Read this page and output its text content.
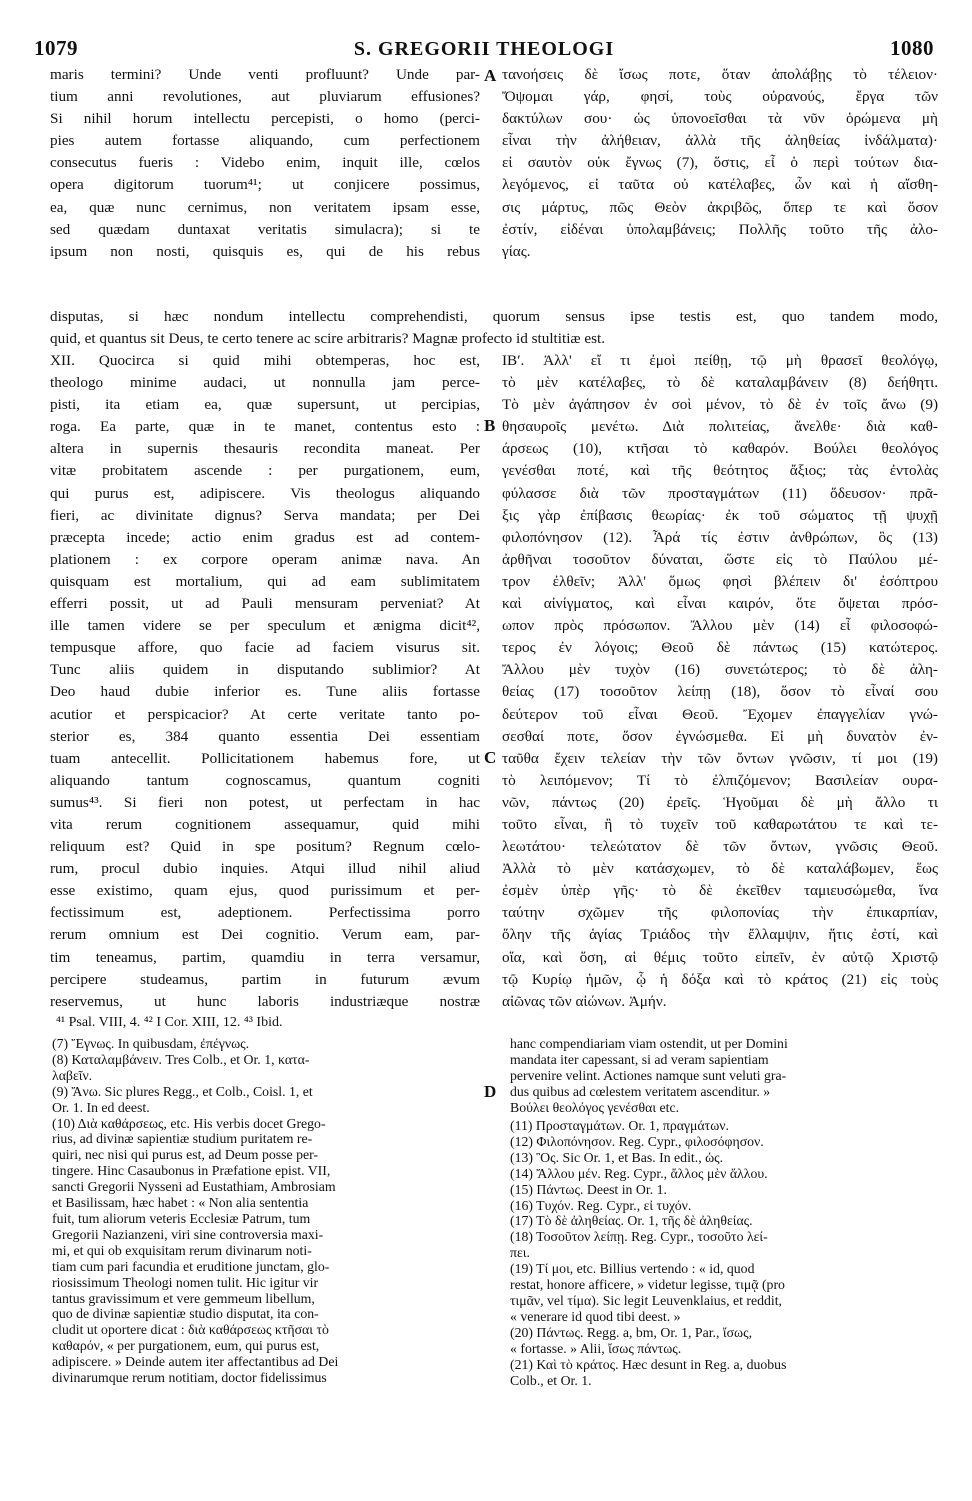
1079	S. GREGORII THEOLOGI	1080
A
B
C
D
maris termini? Unde venti profluunt? Unde par-
tium anni revolutiones, aut pluviarum effusiones?
Si nihil horum intellectu percepisti, o homo (perci-
pies autem fortasse aliquando, cum perfectionem
consecutus fueris : Videbo enim, inquit ille, cœlos
opera digitorum tuorum⁴¹; ut conjicere possimus,
ea, quæ nunc cernimus, non veritatem ipsam esse,
sed quædam duntaxat veritatis simulacra); si te
ipsum non nosti, quisquis es, qui de his rebus
τανοήσεις δὲ ἴσως ποτε, ὅταν ἀπολάβῃς τὸ τέλειον·
Ὄψομαι γάρ, φησί, τοὺς οὐρανούς, ἔργα τῶν
δακτύλων σου· ὡς ὑπονοεῖσθαι τὰ νῦν ὁρώμενα μὴ
εἶναι τὴν ἀλήθειαν, ἀλλὰ τῆς ἀληθείας ἰνδάλματα)·
εἰ σαυτὸν οὐκ ἔγνως (7), ὅστις, εἶ ὁ περὶ τούτων δια-
λεγόμενος, εἰ ταῦτα οὐ κατέλαβες, ὧν καὶ ἡ αἴσθη-
σις μάρτυς, πῶς Θεὸν ἀκριβῶς, ὅπερ τε καὶ ὅσον
ἐστίν, εἰδέναι ὑπολαμβάνεις; Πολλῆς τοῦτο τῆς ἀλο-
γίας.
disputas, si hæc nondum intellectu comprehendisti, quorum sensus ipse testis est, quo tandem modo,
quid, et quantus sit Deus, te certo tenere ac scire arbitraris? Magnæ profecto id stultitiæ est.
XII. Quocirca si quid mihi obtemperas, hoc est,
theologo minime audaci, ut nonnulla jam perce-
pisti, ita etiam ea, quæ supersunt, ut percipias,
roga. Ea parte, quæ in te manet, contentus esto :
altera in supernis thesauris recondita maneat. Per
vitæ probitatem ascende : per purgationem, eum,
qui purus est, adipiscere. Vis theologus aliquando
fieri, ac divinitate dignus? Serva mandata; per Dei
præcepta incede; actio enim gradus est ad contem-
plationem : ex corpore operam animæ nava. An
quisquam est mortalium, qui ad eam sublimitatem
efferri possit, ut ad Pauli mensuram perveniat? At
ille tamen videre se per speculum et ænigma dicit⁴²,
tempusque affore, quo facie ad faciem visurus sit.
Tunc aliis quidem in disputando sublimior? At
Deo haud dubie inferior es. Tune aliis fortasse
acutior et perspicacior? At certe veritate tanto po-
sterior es, 384 quanto essentia Dei essentiam
tuam antecellit. Pollicitationem habemus fore, ut
aliquando tantum cognoscamus, quantum cogniti
sumus⁴³. Si fieri non potest, ut perfectam in hac
vita rerum cognitionem assequamur, quid mihi
reliquum est? Quid in spe positum? Regnum cœlo-
rum, procul dubio inquies. Atqui illud nihil aliud
esse existimo, quam ejus, quod purissimum et per-
fectissimum est, adeptionem. Perfectissima porro
rerum omnium est Dei cognitio. Verum eam, par-
tim teneamus, partim, quamdiu in terra versamur,
percipere studeamus, partim in futurum ævum
reservemus, ut hunc laboris industriæque nostræ
ΙΒʹ. Ἀλλ' εἴ τι ἐμοὶ πείθῃ, τῷ μὴ θρασεῖ θεολόγῳ,
τὸ μὲν κατέλαβες, τὸ δὲ καταλαμβάνειν (8) δεήθητι.
Τὸ μὲν ἀγάπησον ἐν σοὶ μένον, τὸ δὲ ἐν τοῖς ἄνω (9)
θησαυροῖς μενέτω. Διὰ πολιτείας, ἄνελθε· διὰ καθ-
άρσεως (10), κτῆσαι τὸ καθαρόν. Βούλει θεολόγος
γενέσθαι ποτέ, καὶ τῆς θεότητος ἄξιος; τὰς ἐντολὰς
φύλασσε διὰ τῶν προσταγμάτων (11) ὅδευσον· πρᾶ-
ξις γὰρ ἐπίβασις θεωρίας· ἐκ τοῦ σώματος τῇ ψυχῇ
φιλοπόνησον (12). Ἆρά τίς ἐστιν ἀνθρώπων, ὃς (13)
ἀρθῆναι τοσοῦτον δύναται, ὥστε εἰς τὸ Παύλου μέ-
τρον ἐλθεῖν; Ἀλλ' ὅμως φησὶ βλέπειν δι' ἐσόπτρου
καὶ αἰνίγματος, καὶ εἶναι καιρόν, ὅτε ὄψεται πρόσ-
ωπον πρὸς πρόσωπον. Ἄλλου μὲν (14) εἶ φιλοσοφώ-
τερος ἐν λόγοις; Θεοῦ δὲ πάντως (15) κατώτερος.
Ἄλλου μὲν τυχὸν (16) συνετώτερος; τὸ δὲ ἀλη-
θείας (17) τοσοῦτον λείπῃ (18), ὅσον τὸ εἶναί σου
δεύτερον τοῦ εἶναι Θεοῦ. Ἔχομεν ἐπαγγελίαν γνώ-
σεσθαί ποτε, ὅσον ἐγνώσμεθα. Εἰ μὴ δυνατὸν ἐν-
ταῦθα ἔχειν τελείαν τὴν τῶν ὄντων γνῶσιν, τί μοι (19)
τὸ λειπόμενον; Τί τὸ ἐλπιζόμενον; Βασιλείαν ουρα-
νῶν, πάντως (20) ἐρεῖς. Ἡγοῦμαι δὲ μὴ ἄλλο τι
τοῦτο εἶναι, ἢ τὸ τυχεῖν τοῦ καθαρωτάτου τε καὶ τε-
λεωτάτου· τελεώτατον δὲ τῶν ὄντων, γνῶσις Θεοῦ.
Ἀλλὰ τὸ μὲν κατάσχωμεν, τὸ δὲ καταλάβωμεν, ἕως
ἐσμὲν ὑπὲρ γῆς· τὸ δὲ ἐκεῖθεν ταμιευσώμεθα, ἵνα
ταύτην σχῶμεν τῆς φιλοπονίας τὴν ἐπικαρπίαν,
ὅλην τῆς ἁγίας Τριάδος τὴν ἔλλαμψιν, ἥτις ἐστί, καὶ
οἵα, καὶ ὅση, αἱ θέμις τοῦτο εἰπεῖν, ἐν αὐτῷ Χριστῷ
τῷ Κυρίῳ ἡμῶν, ᾧ ἡ δόξα καὶ τὸ κράτος (21) εἰς τοὺς
αἰῶνας τῶν αἰώνων. Ἀμήν.
⁴¹ Psal. VIII, 4. ⁴² I Cor. XIII, 12. ⁴³ Ibid.
(7) Ἔγνως. In quibusdam, ἐπέγνως.
(8) Καταλαμβάνειν. Tres Colb., et Or. 1, κατα-
λαβεῖν.
(9) Ἄνω. Sic plures Regg., et Colb., Coisl. 1, et
Or. 1. In ed deest.
(10) Διὰ καθάρσεως, etc. His verbis docet Grego-
rius, ad divinæ sapientiæ studium puritatem re-
quiri, nec nisi qui purus est, ad Deum posse per-
tingere. Hinc Casaubonus in Præfatione epist. VII,
sancti Gregorii Nysseni ad Eustathiam, Ambrosiam
et Basilissam, hæc habet : « Non alia sententia
fuit, tum aliorum veteris Ecclesiæ Patrum, tum
Gregorii Nazianzeni, viri sine controversia maxi-
mi, et qui ob exquisitam rerum divinarum noti-
tiam cum pari facundia et eruditione junctam, glo-
riosissimum Theologi nomen tulit. Hic igitur vir
tantus gravissimum et vere gemmeum libellum,
quo de divinæ sapientiæ studio disputat, ita con-
cludit ut oportere dicat : διὰ καθάρσεως κτῆσαι τὸ
καθαρόν, « per purgationem, eum, qui purus est,
adipiscere. » Deinde autem iter affectantibus ad Dei
divinarumque rerum notitiam, doctor fidelissimus
hanc compendiariam viam ostendit, ut per Domini
mandata iter capessant, si ad veram sapientiam
pervenire velint. Actiones namque sunt veluti gra-
dus quibus ad cœlestem veritatem ascenditur. »
Βούλει θεολόγος γενέσθαι etc.
(11) Προσταγμάτων. Or. 1, πραγμάτων.
(12) Φιλοπόνησον. Reg. Cypr., φιλοσόφησον.
(13) Ὃς. Sic Or. 1, et Bas. In edit., ὡς.
(14) Ἄλλου μέν. Reg. Cypr., ἄλλος μὲν ἄλλου.
(15) Πάντως. Deest in Or. 1.
(16) Τυχόν. Reg. Cypr., εἰ τυχόν.
(17) Τὸ δὲ ἀληθείας. Or. 1, τῆς δὲ ἀληθείας.
(18) Τοσοῦτον λείπῃ. Reg. Cypr., τοσοῦτο λεί-
πει.
(19) Τί μοι, etc. Billius vertendo : « id, quod
restat, honore afficere, » videtur legisse, τιμᾷ (pro
τιμᾶν, vel τίμα). Sic legit Leuvenklaius, et reddit,
« venerare id quod tibi deest. »
(20) Πάντως. Regg. a, bm, Or. 1, Par., ἴσως,
« fortasse. » Alii, ἴσως πάντως.
(21) Καὶ τὸ κράτος. Hæc desunt in Reg. a, duobus
Colb., et Or. 1.
